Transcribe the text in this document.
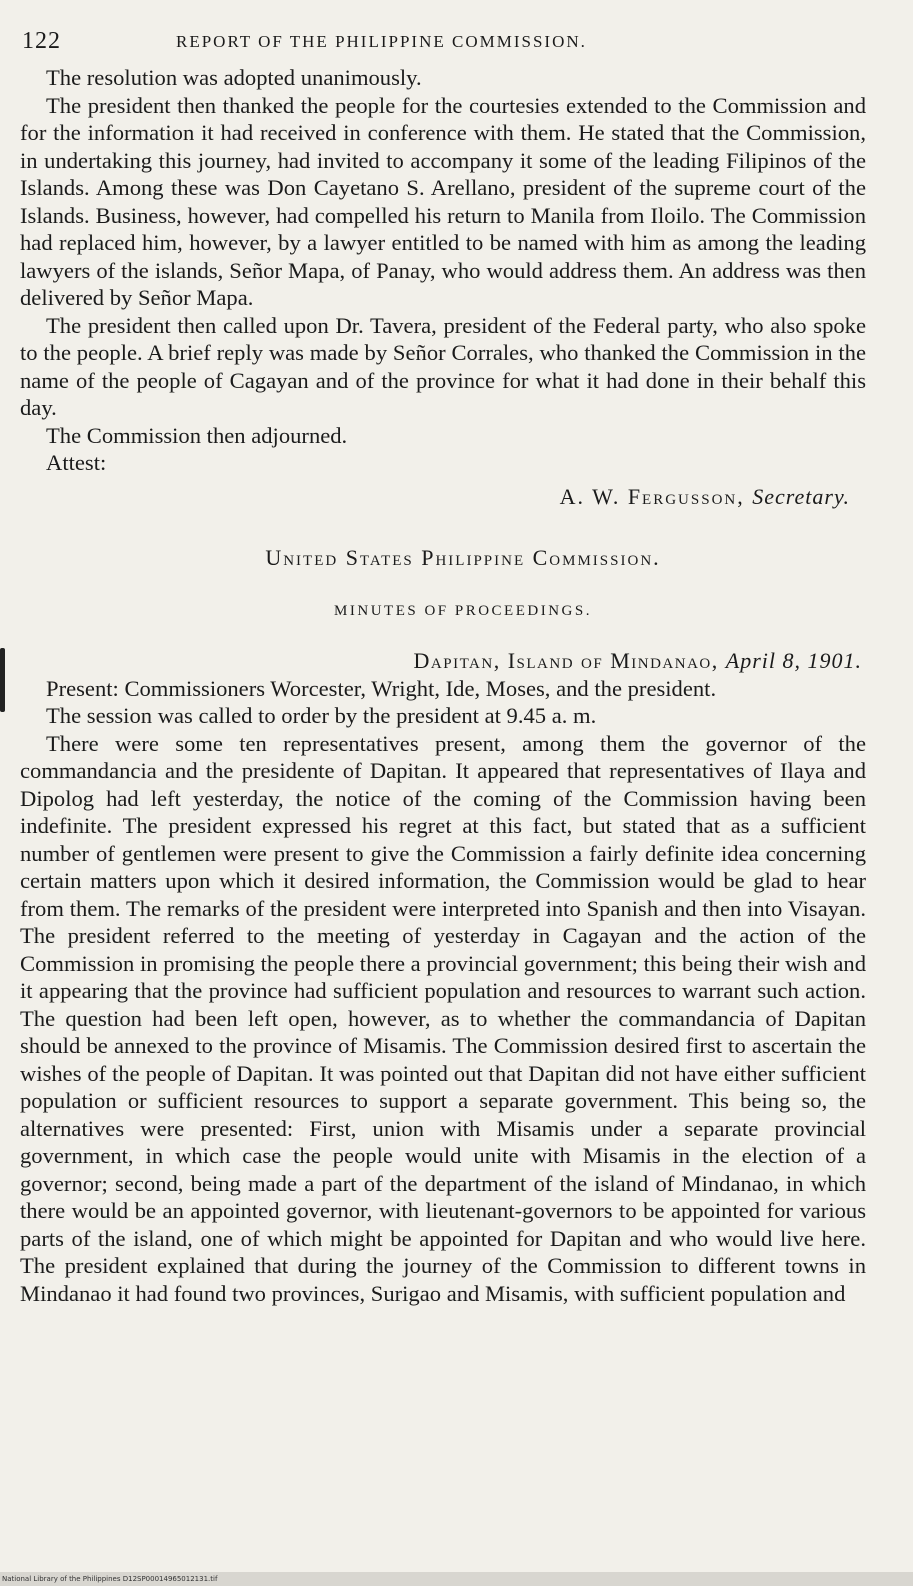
122	REPORT OF THE PHILIPPINE COMMISSION.

The resolution was adopted unanimously.

The president then thanked the people for the courtesies extended to the Commission and for the information it had received in conference with them. He stated that the Commission, in undertaking this journey, had invited to accompany it some of the leading Filipinos of the Islands. Among these was Don Cayetano S. Arellano, president of the supreme court of the Islands. Business, however, had compelled his return to Manila from Iloilo. The Commission had replaced him, however, by a lawyer entitled to be named with him as among the leading lawyers of the islands, Señor Mapa, of Panay, who would address them. An address was then delivered by Señor Mapa.

The president then called upon Dr. Tavera, president of the Federal party, who also spoke to the people. A brief reply was made by Señor Corrales, who thanked the Commission in the name of the people of Cagayan and of the province for what it had done in their behalf this day.

The Commission then adjourned.

Attest:

A. W. Fergusson, Secretary.
United States Philippine Commission.
MINUTES OF PROCEEDINGS.
Dapitan, Island of Mindanao, April 8, 1901.

Present: Commissioners Worcester, Wright, Ide, Moses, and the president.

The session was called to order by the president at 9.45 a. m.

There were some ten representatives present, among them the governor of the commandancia and the presidente of Dapitan. It appeared that representatives of Ilaya and Dipolog had left yesterday, the notice of the coming of the Commission having been indefinite. The president expressed his regret at this fact, but stated that as a sufficient number of gentlemen were present to give the Commission a fairly definite idea concerning certain matters upon which it desired information, the Commission would be glad to hear from them. The remarks of the president were interpreted into Spanish and then into Visayan. The president referred to the meeting of yesterday in Cagayan and the action of the Commission in promising the people there a provincial government; this being their wish and it appearing that the province had sufficient population and resources to warrant such action. The question had been left open, however, as to whether the commandancia of Dapitan should be annexed to the province of Misamis. The Commission desired first to ascertain the wishes of the people of Dapitan. It was pointed out that Dapitan did not have either sufficient population or sufficient resources to support a separate government. This being so, the alternatives were presented: First, union with Misamis under a separate provincial government, in which case the people would unite with Misamis in the election of a governor; second, being made a part of the department of the island of Mindanao, in which there would be an appointed governor, with lieutenant-governors to be appointed for various parts of the island, one of which might be appointed for Dapitan and who would live here. The president explained that during the journey of the Commission to different towns in Mindanao it had found two provinces, Surigao and Misamis, with sufficient population and

National Library of the Philippines D12SP00014965012131.tif
